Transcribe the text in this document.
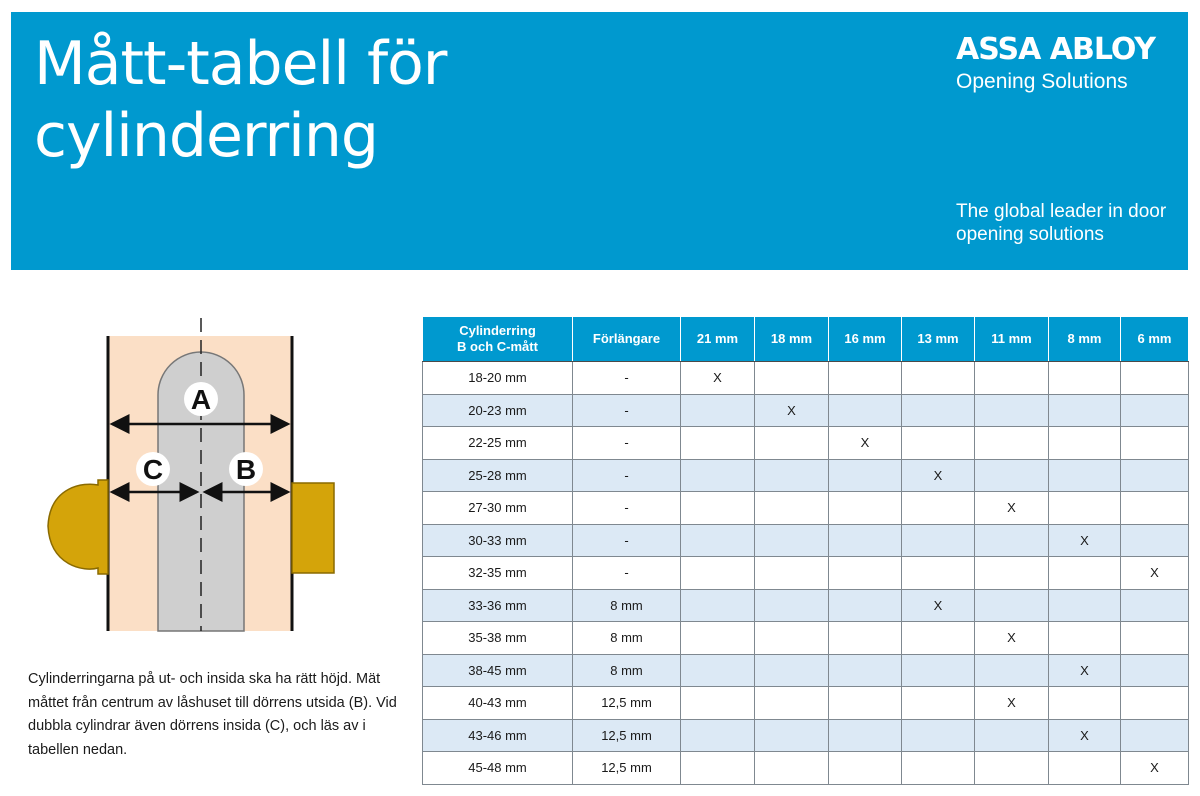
Mått-tabell för
cylinderring
ASSA ABLOY
Opening Solutions
The global leader in door opening solutions
A
C	B

Cylinderringarna på ut- och insida ska ha rätt höjd. Mät måttet från centrum av låshuset till dörrens utsida (B). Vid dubbla cylindrar även dörrens insida (C), och läs av i tabellen nedan.

Cylinderring
B och C-mått	Förlängare	21 mm	18 mm	16 mm	13 mm	11 mm	8 mm	6 mm
18-20 mm	-	X						
20-23 mm	-		X					
22-25 mm	-			X				
25-28 mm	-				X			
27-30 mm	-					X		
30-33 mm	-						X	
32-35 mm	-							X
33-36 mm	8 mm				X			
35-38 mm	8 mm					X		
38-45 mm	8 mm						X	
40-43 mm	12,5 mm					X		
43-46 mm	12,5 mm						X	
45-48 mm	12,5 mm							X
